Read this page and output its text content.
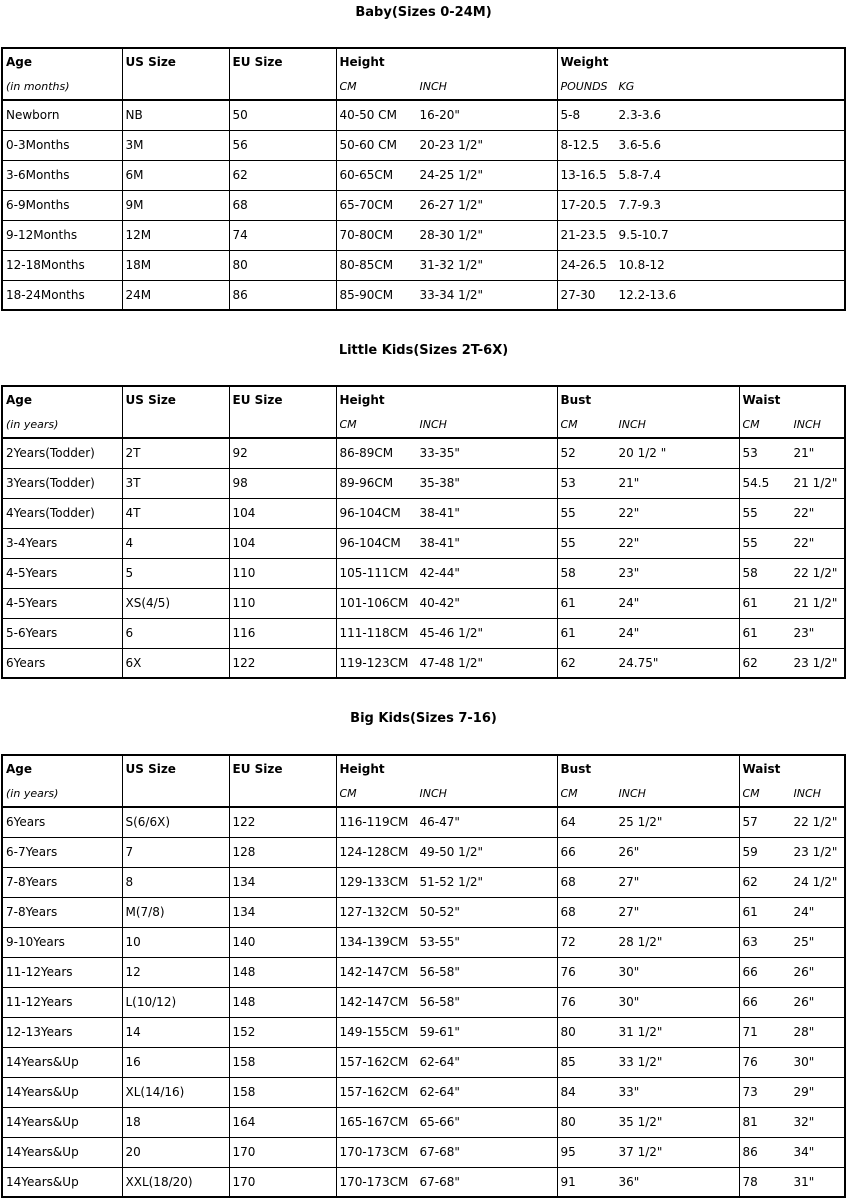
Baby(Sizes 0-24M)
Age	US Size	EU Size	Height	Weight
(in months)			CM INCH	POUNDS KG
Newborn	NB	50	40-50 CM 16-20"	5-8 2.3-3.6
0-3Months	3M	56	50-60 CM 20-23 1/2"	8-12.5 3.6-5.6
3-6Months	6M	62	60-65CM 24-25 1/2"	13-16.5 5.8-7.4
6-9Months	9M	68	65-70CM 26-27 1/2"	17-20.5 7.7-9.3
9-12Months	12M	74	70-80CM 28-30 1/2"	21-23.5 9.5-10.7
12-18Months	18M	80	80-85CM 31-32 1/2"	24-26.5 10.8-12
18-24Months	24M	86	85-90CM 33-34 1/2"	27-30 12.2-13.6
Little Kids(Sizes 2T-6X)
Age	US Size	EU Size	Height	Bust	Waist
(in years)			CM INCH	CM INCH	CM INCH
2Years(Todder)	2T	92	86-89CM 33-35"	52 20 1/2 "	53 21"
3Years(Todder)	3T	98	89-96CM 35-38"	53 21"	54.5 21 1/2"
4Years(Todder)	4T	104	96-104CM 38-41"	55 22"	55 22"
3-4Years	4	104	96-104CM 38-41"	55 22"	55 22"
4-5Years	5	110	105-111CM 42-44"	58 23"	58 22 1/2"
4-5Years	XS(4/5)	110	101-106CM 40-42"	61 24"	61 21 1/2"
5-6Years	6	116	111-118CM 45-46 1/2"	61 24"	61 23"
6Years	6X	122	119-123CM 47-48 1/2"	62 24.75"	62 23 1/2"
Big Kids(Sizes 7-16)
Age	US Size	EU Size	Height	Bust	Waist
(in years)			CM INCH	CM INCH	CM INCH
6Years	S(6/6X)	122	116-119CM 46-47"	64 25 1/2"	57 22 1/2"
6-7Years	7	128	124-128CM 49-50 1/2"	66 26"	59 23 1/2"
7-8Years	8	134	129-133CM 51-52 1/2"	68 27"	62 24 1/2"
7-8Years	M(7/8)	134	127-132CM 50-52"	68 27"	61 24"
9-10Years	10	140	134-139CM 53-55"	72 28 1/2"	63 25"
11-12Years	12	148	142-147CM 56-58"	76 30"	66 26"
11-12Years	L(10/12)	148	142-147CM 56-58"	76 30"	66 26"
12-13Years	14	152	149-155CM 59-61"	80 31 1/2"	71 28"
14Years&Up	16	158	157-162CM 62-64"	85 33 1/2"	76 30"
14Years&Up	XL(14/16)	158	157-162CM 62-64"	84 33"	73 29"
14Years&Up	18	164	165-167CM 65-66"	80 35 1/2"	81 32"
14Years&Up	20	170	170-173CM 67-68"	95 37 1/2"	86 34"
14Years&Up	XXL(18/20)	170	170-173CM 67-68"	91 36"	78 31"
